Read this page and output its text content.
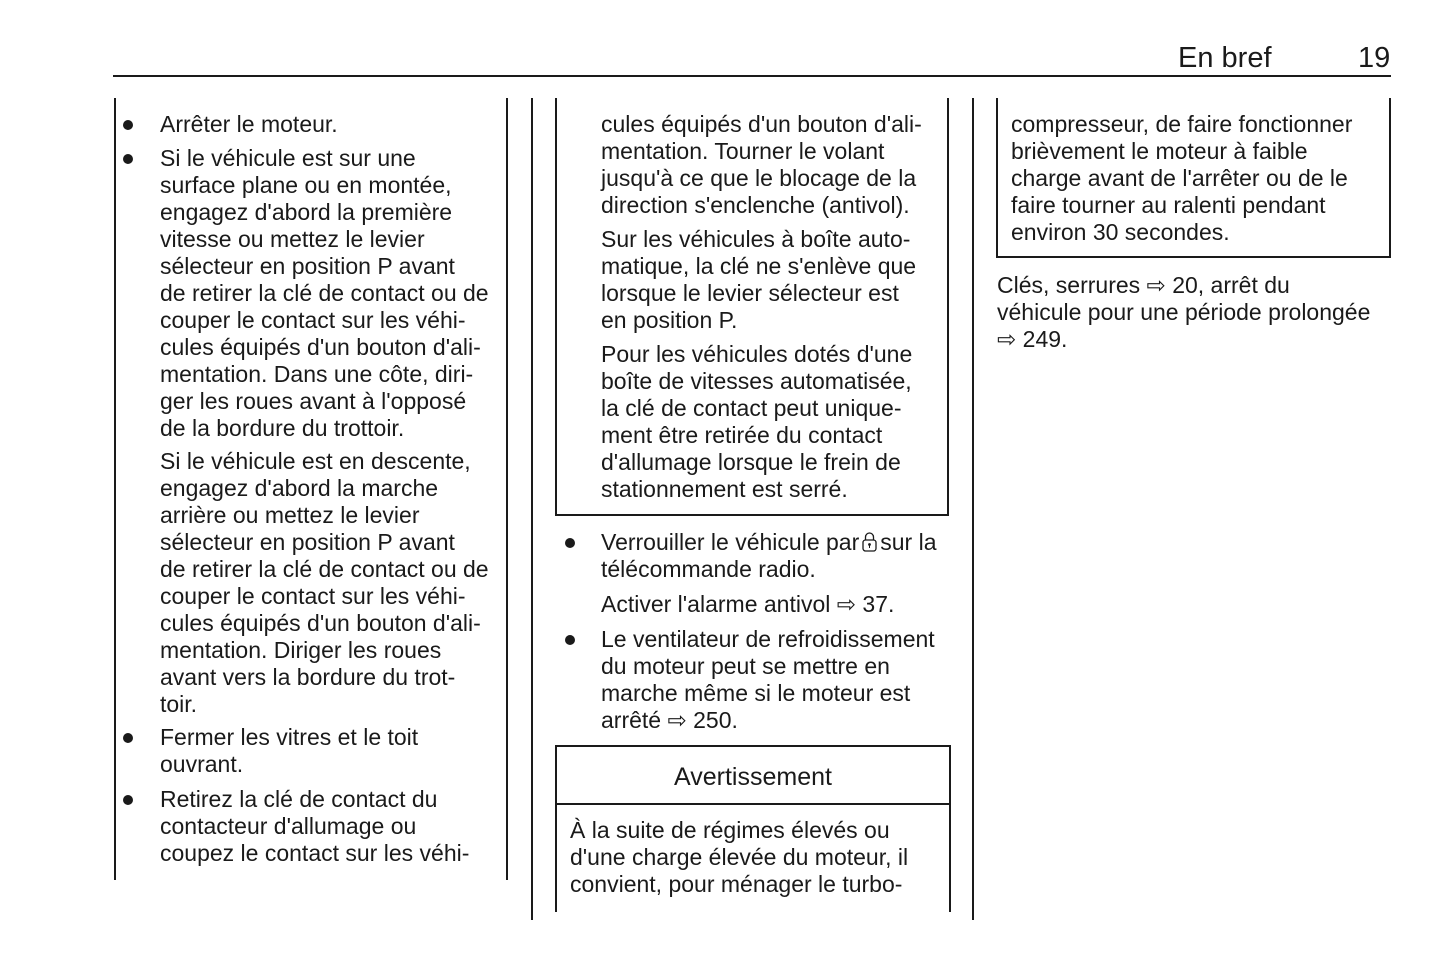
En bref	19
Avertissement
Arrêter le moteur.
Si le véhicule est sur une
surface plane ou en montée,
engagez d'abord la première
vitesse ou mettez le levier
sélecteur en position P avant
de retirer la clé de contact ou de
couper le contact sur les véhi-
cules équipés d'un bouton d'ali-
mentation. Dans une côte, diri-
ger les roues avant à l'opposé
de la bordure du trottoir.
Si le véhicule est en descente,
engagez d'abord la marche
arrière ou mettez le levier
sélecteur en position P avant
de retirer la clé de contact ou de
couper le contact sur les véhi-
cules équipés d'un bouton d'ali-
mentation. Diriger les roues
avant vers la bordure du trot-
toir.
Fermer les vitres et le toit
ouvrant.
Retirez la clé de contact du
contacteur d'allumage ou
coupez le contact sur les véhi-
cules équipés d'un bouton d'ali-
mentation. Tourner le volant
jusqu'à ce que le blocage de la
direction s'enclenche (antivol).
Sur les véhicules à boîte auto-
matique, la clé ne s'enlève que
lorsque le levier sélecteur est
en position P.
Pour les véhicules dotés d'une
boîte de vitesses automatisée,
la clé de contact peut unique-
ment être retirée du contact
d'allumage lorsque le frein de
stationnement est serré.
Verrouiller le véhicule par sur la
télécommande radio.
Activer l'alarme antivol ⇨ 37.
Le ventilateur de refroidissement
du moteur peut se mettre en
marche même si le moteur est
arrêté ⇨ 250.
À la suite de régimes élevés ou
d'une charge élevée du moteur, il
convient, pour ménager le turbo-
compresseur, de faire fonctionner
brièvement le moteur à faible
charge avant de l'arrêter ou de le
faire tourner au ralenti pendant
environ 30 secondes.
Clés, serrures ⇨ 20, arrêt du
véhicule pour une période prolongée
⇨ 249.
